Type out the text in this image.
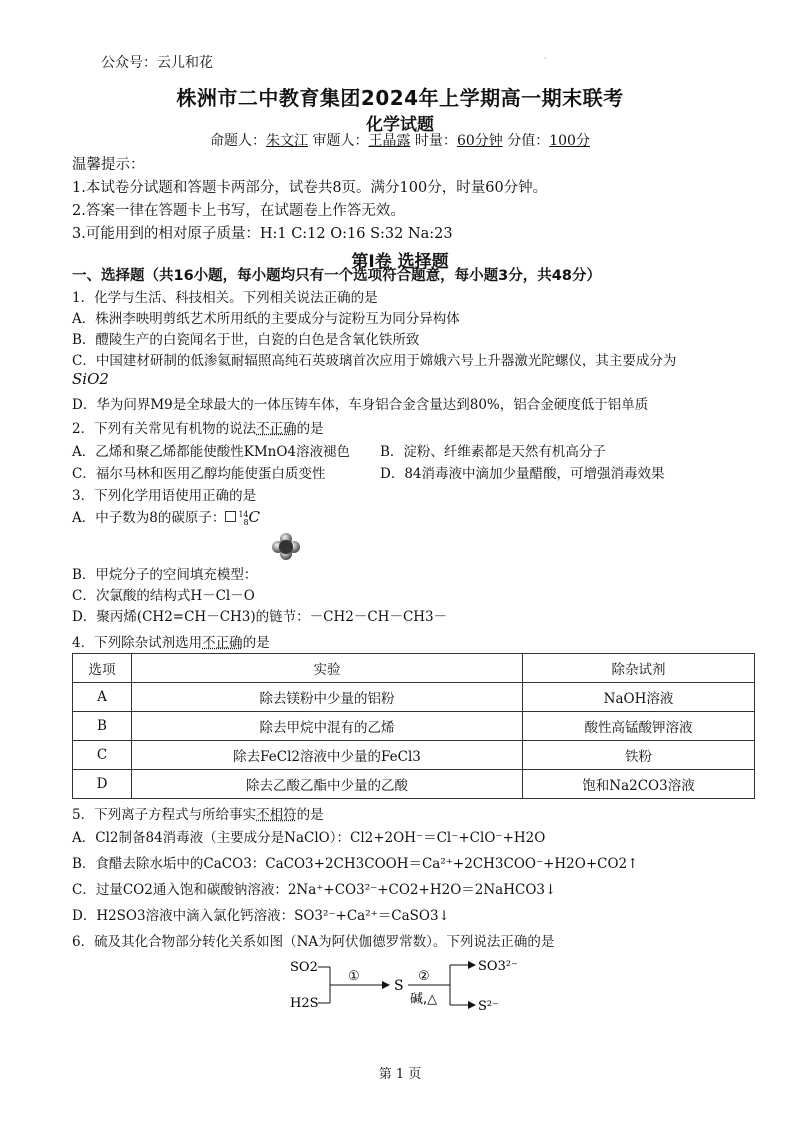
公众号：云儿和花	·
株洲市二中教育集团2024年上学期高一期末联考
化学试题
命题人：朱文江 审题人：王晶露 时量：60分钟 分值：100分
温馨提示：
1.本试卷分试题和答题卡两部分，试卷共8页。满分100分，时量60分钟。
2.答案一律在答题卡上书写，在试题卷上作答无效。
3.可能用到的相对原子质量：H:1 C:12 O:16 S:32 Na:23
第Ⅰ卷 选择题
一、选择题（共16小题，每小题均只有一个选项符合题意，每小题3分，共48分）
1．化学与生活、科技相关。下列相关说法正确的是
A．株洲李映明剪纸艺术所用纸的主要成分与淀粉互为同分异构体
B．醴陵生产的白瓷闻名于世，白瓷的白色是含氧化铁所致
C．中国建材研制的低渗氦耐辐照高纯石英玻璃首次应用于嫦娥六号上升器激光陀螺仪，其主要成分为
SiO2
D．华为问界M9是全球最大的一体压铸车体，车身铝合金含量达到80%，铝合金硬度低于铝单质
2．下列有关常见有机物的说法不正确的是
A．乙烯和聚乙烯都能使酸性KMnO4溶液褪色 B．淀粉、纤维素都是天然有机高分子
C．福尔马林和医用乙醇均能使蛋白质变性	D．84消毒液中滴加少量醋酸，可增强消毒效果
3．下列化学用语使用正确的是
A．中子数为8的碳原子： 14
8C
B．甲烷分子的空间填充模型：
C．次氯酸的结构式H－Cl－O
D．聚丙烯(CH2=CH－CH3)的链节：－CH2－CH－CH3－
4．下列除杂试剂选用不正确的是
选项	实验	除杂试剂
A	除去镁粉中少量的铝粉	NaOH溶液
B	除去甲烷中混有的乙烯	酸性高锰酸钾溶液
C	除去FeCl2溶液中少量的FeCl3	铁粉
D	除去乙酸乙酯中少量的乙酸	饱和Na2CO3溶液
5．下列离子方程式与所给事实不相符的是
A．Cl2制备84消毒液（主要成分是NaClO）：Cl2+2OH⁻＝Cl⁻+ClO⁻+H2O
B．食醋去除水垢中的CaCO3：CaCO3+2CH3COOH＝Ca²⁺+2CH3COO⁻+H2O+CO2↑
C．过量CO2通入饱和碳酸钠溶液：2Na⁺+CO3²⁻+CO2+H2O＝2NaHCO3↓
D．H2SO3溶液中滴入氯化钙溶液：SO3²⁻+Ca²⁺＝CaSO3↓
6．硫及其化合物部分转化关系如图（NA为阿伏伽德罗常数）。下列说法正确的是
SO2
H2S
①
S
②
碱,△
SO3²⁻
S²⁻
第 1 页
